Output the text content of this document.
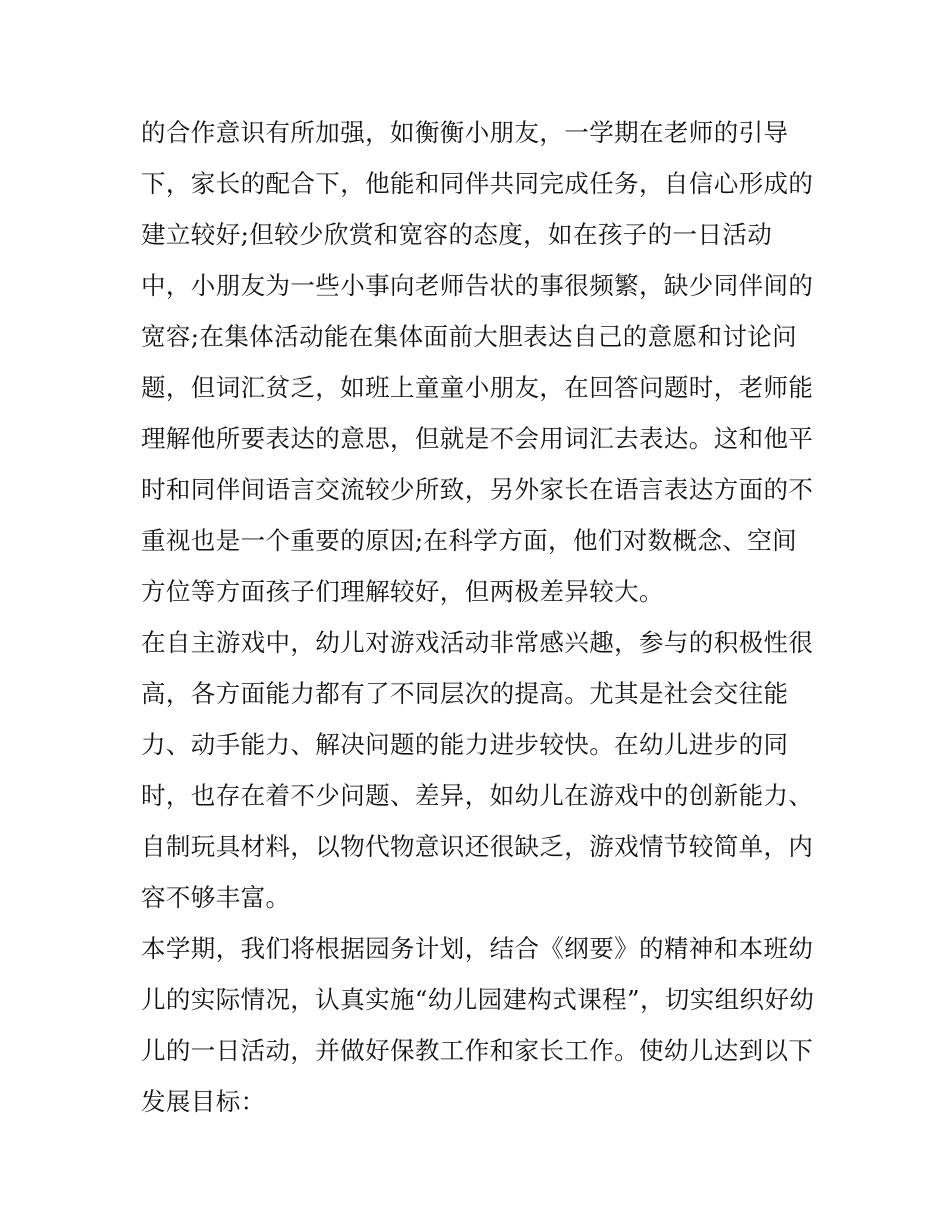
的合作意识有所加强，如衡衡小朋友，一学期在老师的引导
下，家长的配合下，他能和同伴共同完成任务，自信心形成的
建立较好;但较少欣赏和宽容的态度，如在孩子的一日活动
中，小朋友为一些小事向老师告状的事很频繁，缺少同伴间的
宽容;在集体活动能在集体面前大胆表达自己的意愿和讨论问
题，但词汇贫乏，如班上童童小朋友，在回答问题时，老师能
理解他所要表达的意思，但就是不会用词汇去表达。这和他平
时和同伴间语言交流较少所致，另外家长在语言表达方面的不
重视也是一个重要的原因;在科学方面，他们对数概念、空间
方位等方面孩子们理解较好，但两极差异较大。
在自主游戏中，幼儿对游戏活动非常感兴趣，参与的积极性很
高，各方面能力都有了不同层次的提高。尤其是社会交往能
力、动手能力、解决问题的能力进步较快。在幼儿进步的同
时，也存在着不少问题、差异，如幼儿在游戏中的创新能力、
自制玩具材料，以物代物意识还很缺乏，游戏情节较简单，内
容不够丰富。
本学期，我们将根据园务计划，结合《纲要》的精神和本班幼
儿的实际情况，认真实施“幼儿园建构式课程”，切实组织好幼
儿的一日活动，并做好保教工作和家长工作。使幼儿达到以下
发展目标：
